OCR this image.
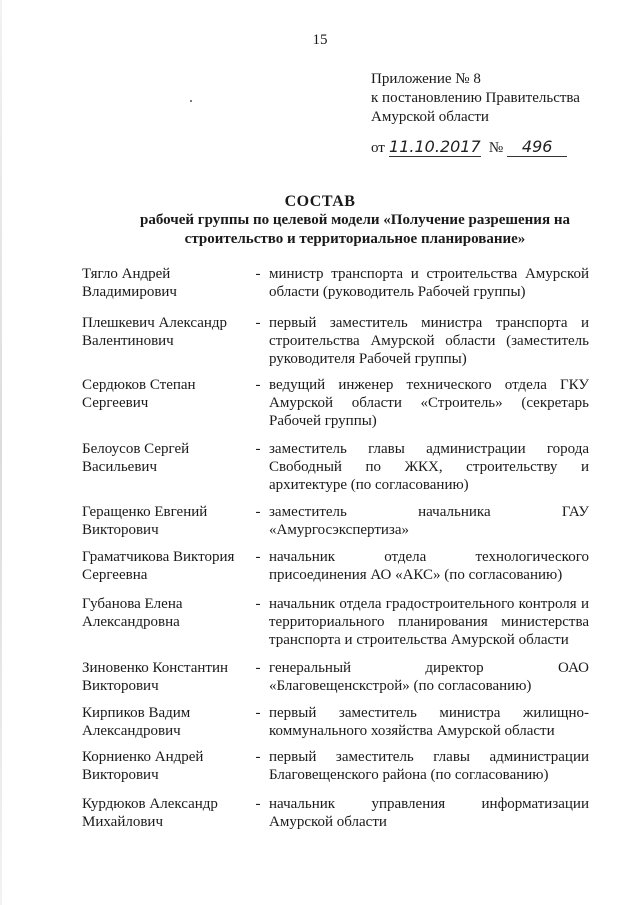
15
Приложение № 8
к постановлению Правительства
Амурской области
от 11.10.2017 № 496
СОСТАВ
рабочей группы по целевой модели «Получение разрешения на строительство и территориальное планирование»
Тягло Андрей
Владимирович
- министр транспорта и строительства Амурской области (руководитель Рабочей группы)
Плешкевич Александр
Валентинович
- первый заместитель министра транспорта и строительства Амурской области (заместитель руководителя Рабочей группы)
Сердюков Степан
Сергеевич
- ведущий инженер технического отдела ГКУ Амурской области «Строитель» (секретарь Рабочей группы)
Белоусов Сергей
Васильевич
- заместитель главы администрации города Свободный по ЖКХ, строительству и архитектуре (по согласованию)
Геращенко Евгений
Викторович
- заместитель начальника ГАУ «Амургосэкспертиза»
Граматчикова Виктория
Сергеевна
- начальник отдела технологического присоединения АО «АКС» (по согласованию)
Губанова Елена
Александровна
- начальник отдела градостроительного контроля и территориального планирования министерства транспорта и строительства Амурской области
Зиновенко Константин
Викторович
- генеральный директор ОАО «Благовещенскстрой» (по согласованию)
Кирпиков Вадим
Александрович
- первый заместитель министра жилищно-коммунального хозяйства Амурской области
Корниенко Андрей
Викторович
- первый заместитель главы администрации Благовещенского района (по согласованию)
Курдюков Александр
Михайлович
- начальник управления информатизации Амурской области
